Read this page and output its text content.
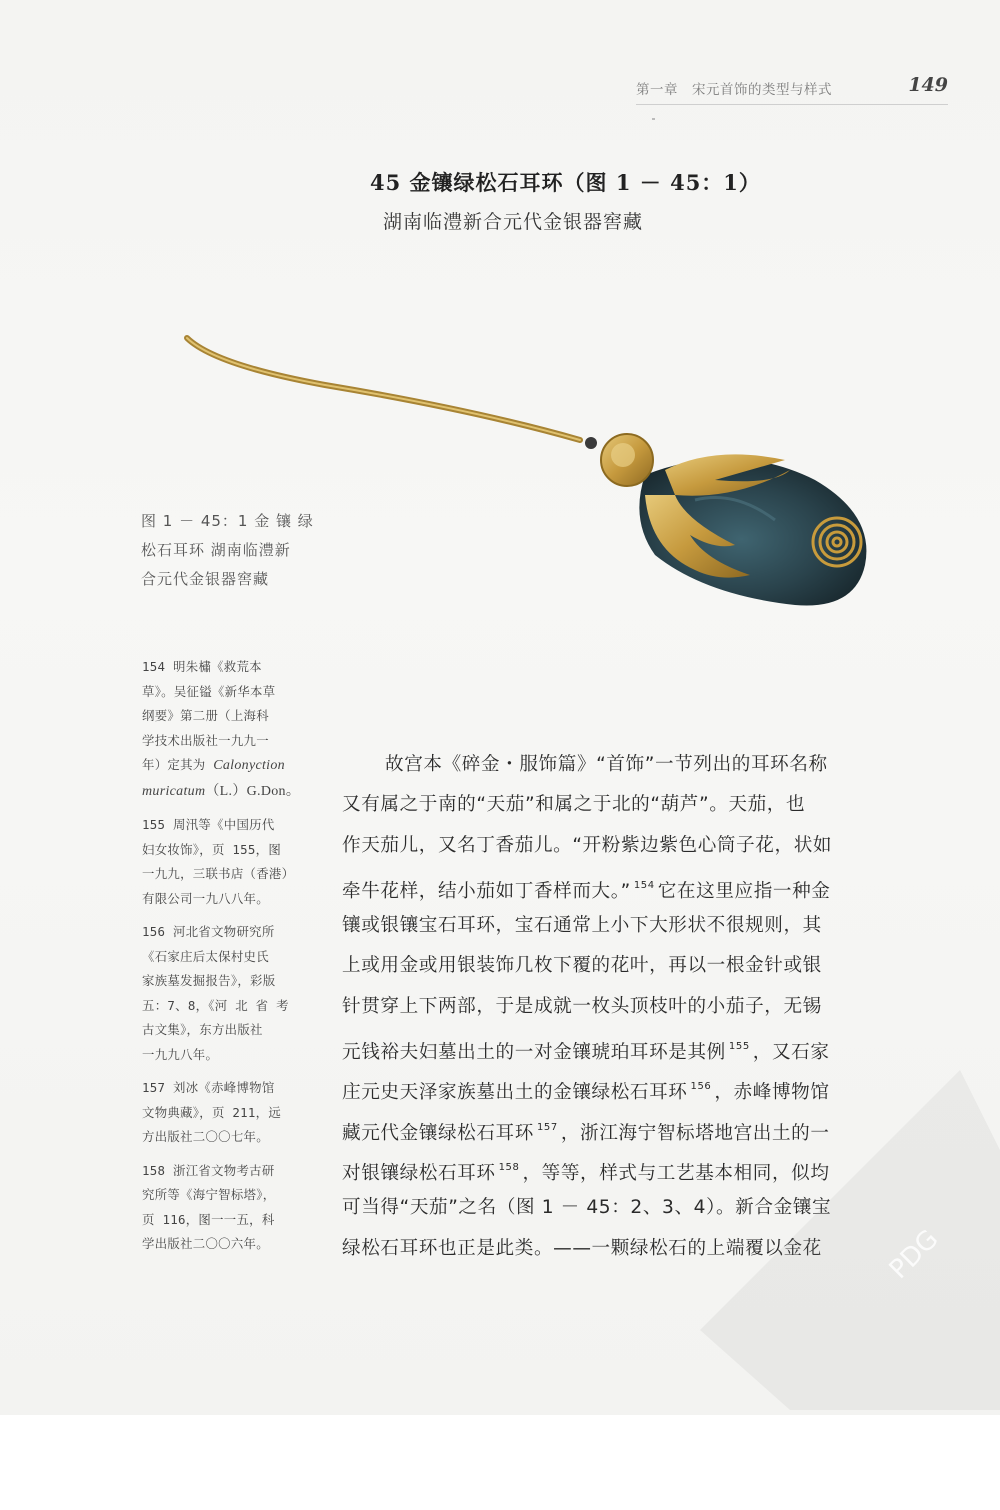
第一章　宋元首饰的类型与样式	149
45 金镶绿松石耳环（图 1 － 45：1）
湖南临澧新合元代金银器窖藏
图 1 － 45：1 金 镶 绿
松石耳环 湖南临澧新
合元代金银器窖藏
154 明朱橚《救荒本
草》。吴征镒《新华本草
纲要》第二册（上海科
学技术出版社一九九一
年）定其为 Calonyction
muricatum（L.）G.Don。
155 周汛等《中国历代
妇女妆饰》，页 155，图
一九九，三联书店（香港）
有限公司一九八八年。
156 河北省文物研究所
《石家庄后太保村史氏
家族墓发掘报告》，彩版
五：7、8，《河 北 省 考
古文集》，东方出版社
一九九八年。
157 刘冰《赤峰博物馆
文物典藏》，页 211，远
方出版社二〇〇七年。
158 浙江省文物考古研
究所等《海宁智标塔》，
页 116，图一一五，科
学出版社二〇〇六年。
故宫本《碎金・服饰篇》“首饰”一节列出的耳环名称
又有属之于南的“天茄”和属之于北的“葫芦”。天茄，也
作天茄儿，又名丁香茄儿。“开粉紫边紫色心筒子花，状如
牵牛花样，结小茄如丁香样而大。” $^{154}$ 它在这里应指一种金
镶或银镶宝石耳环，宝石通常上小下大形状不很规则，其
上或用金或用银装饰几枚下覆的花叶，再以一根金针或银
针贯穿上下两部，于是成就一枚头顶枝叶的小茄子，无锡
元钱裕夫妇墓出土的一对金镶琥珀耳环是其例 $^{155}$ ，又石家
庄元史天泽家族墓出土的金镶绿松石耳环 $^{156}$ ，赤峰博物馆
藏元代金镶绿松石耳环 $^{157}$ ，浙江海宁智标塔地宫出土的一
对银镶绿松石耳环 $^{158}$ ，等等，样式与工艺基本相同，似均
可当得“天茄”之名（图 1 － 45：2、3、4）。新合金镶宝
绿松石耳环也正是此类。——一颗绿松石的上端覆以金花	PDG
